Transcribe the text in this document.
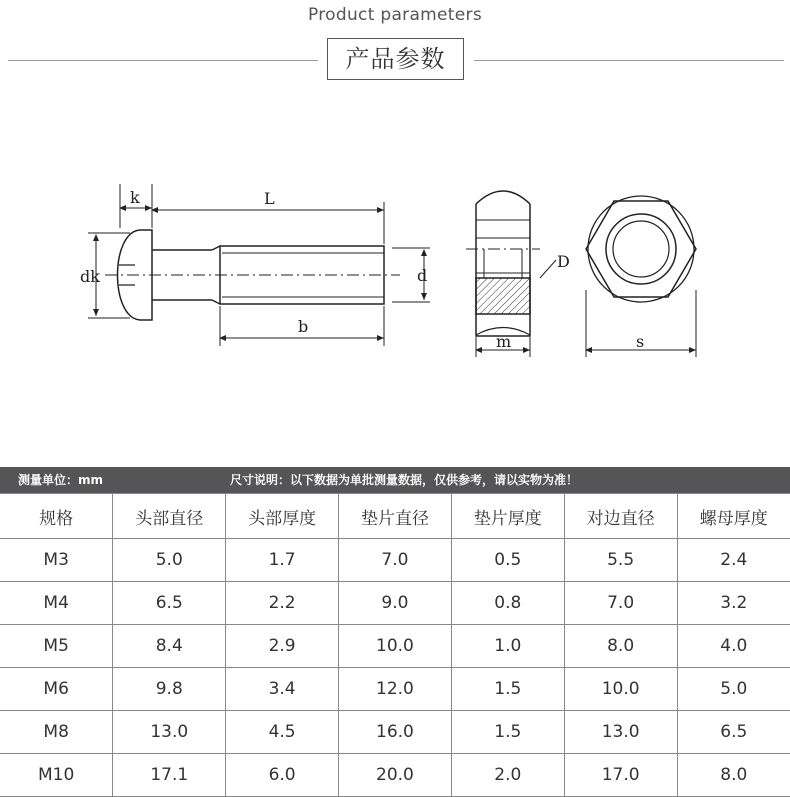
Product parameters
产品参数
k	L
dk	d
b
D
m	s
测量单位：mm	尺寸说明：以下数据为单批测量数据，仅供参考，请以实物为准！
规格	头部直径	头部厚度	垫片直径	垫片厚度	对边直径	螺母厚度
M3	5.0	1.7	7.0	0.5	5.5	2.4
M4	6.5	2.2	9.0	0.8	7.0	3.2
M5	8.4	2.9	10.0	1.0	8.0	4.0
M6	9.8	3.4	12.0	1.5	10.0	5.0
M8	13.0	4.5	16.0	1.5	13.0	6.5
M10	17.1	6.0	20.0	2.0	17.0	8.0
